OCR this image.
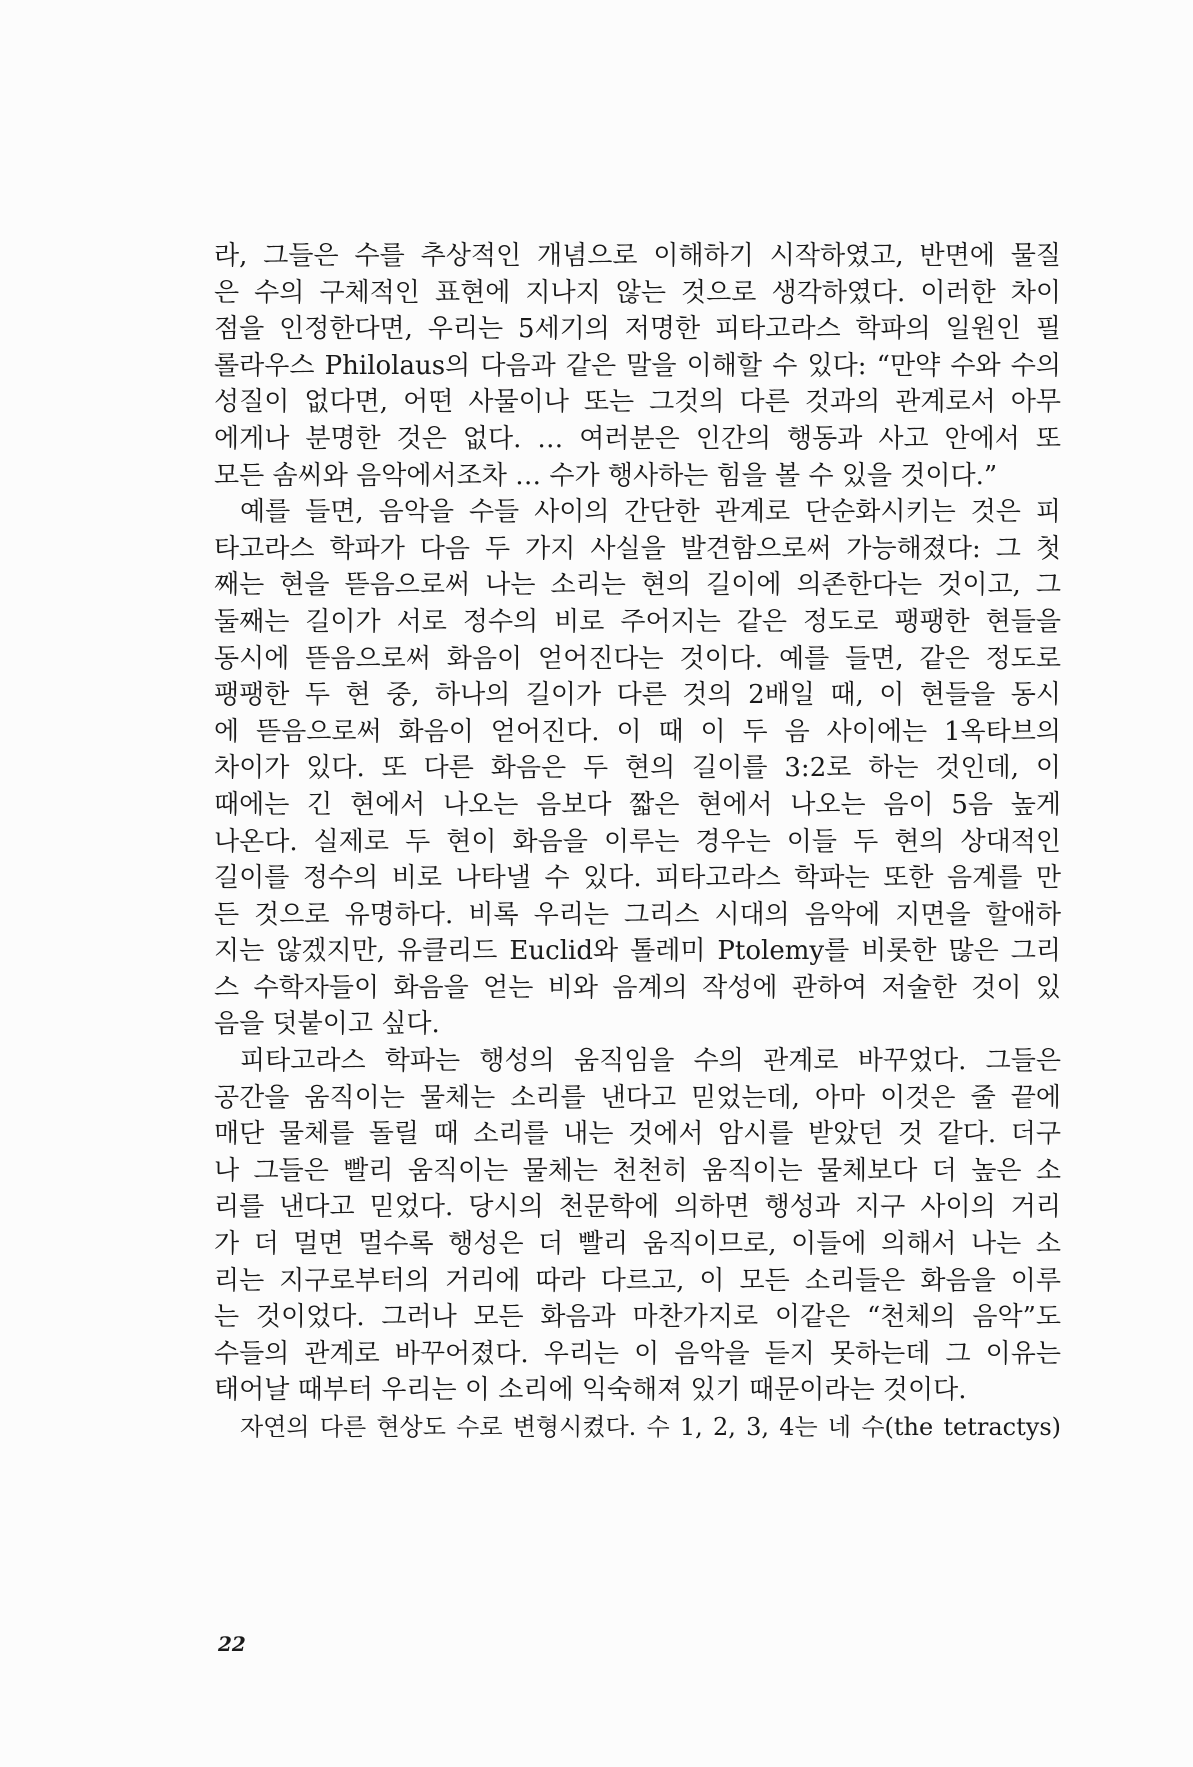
라, 그들은 수를 추상적인 개념으로 이해하기 시작하였고, 반면에 물질
은 수의 구체적인 표현에 지나지 않는 것으로 생각하였다. 이러한 차이
점을 인정한다면, 우리는 5세기의 저명한 피타고라스 학파의 일원인 필
롤라우스 Philolaus의 다음과 같은 말을 이해할 수 있다: “만약 수와 수의
성질이 없다면, 어떤 사물이나 또는 그것의 다른 것과의 관계로서 아무
에게나 분명한 것은 없다. … 여러분은 인간의 행동과 사고 안에서 또
모든 솜씨와 음악에서조차 … 수가 행사하는 힘을 볼 수 있을 것이다.”
예를 들면, 음악을 수들 사이의 간단한 관계로 단순화시키는 것은 피
타고라스 학파가 다음 두 가지 사실을 발견함으로써 가능해졌다: 그 첫
째는 현을 뜯음으로써 나는 소리는 현의 길이에 의존한다는 것이고, 그
둘째는 길이가 서로 정수의 비로 주어지는 같은 정도로 팽팽한 현들을
동시에 뜯음으로써 화음이 얻어진다는 것이다. 예를 들면, 같은 정도로
팽팽한 두 현 중, 하나의 길이가 다른 것의 2배일 때, 이 현들을 동시
에 뜯음으로써 화음이 얻어진다. 이 때 이 두 음 사이에는 1옥타브의
차이가 있다. 또 다른 화음은 두 현의 길이를 3:2로 하는 것인데, 이
때에는 긴 현에서 나오는 음보다 짧은 현에서 나오는 음이 5음 높게
나온다. 실제로 두 현이 화음을 이루는 경우는 이들 두 현의 상대적인
길이를 정수의 비로 나타낼 수 있다. 피타고라스 학파는 또한 음계를 만
든 것으로 유명하다. 비록 우리는 그리스 시대의 음악에 지면을 할애하
지는 않겠지만, 유클리드 Euclid와 톨레미 Ptolemy를 비롯한 많은 그리
스 수학자들이 화음을 얻는 비와 음계의 작성에 관하여 저술한 것이 있
음을 덧붙이고 싶다.
피타고라스 학파는 행성의 움직임을 수의 관계로 바꾸었다. 그들은
공간을 움직이는 물체는 소리를 낸다고 믿었는데, 아마 이것은 줄 끝에
매단 물체를 돌릴 때 소리를 내는 것에서 암시를 받았던 것 같다. 더구
나 그들은 빨리 움직이는 물체는 천천히 움직이는 물체보다 더 높은 소
리를 낸다고 믿었다. 당시의 천문학에 의하면 행성과 지구 사이의 거리
가 더 멀면 멀수록 행성은 더 빨리 움직이므로, 이들에 의해서 나는 소
리는 지구로부터의 거리에 따라 다르고, 이 모든 소리들은 화음을 이루
는 것이었다. 그러나 모든 화음과 마찬가지로 이같은 “천체의 음악”도
수들의 관계로 바꾸어졌다. 우리는 이 음악을 듣지 못하는데 그 이유는
태어날 때부터 우리는 이 소리에 익숙해져 있기 때문이라는 것이다.
자연의 다른 현상도 수로 변형시켰다. 수 1, 2, 3, 4는 네 수(the tetractys)
22
